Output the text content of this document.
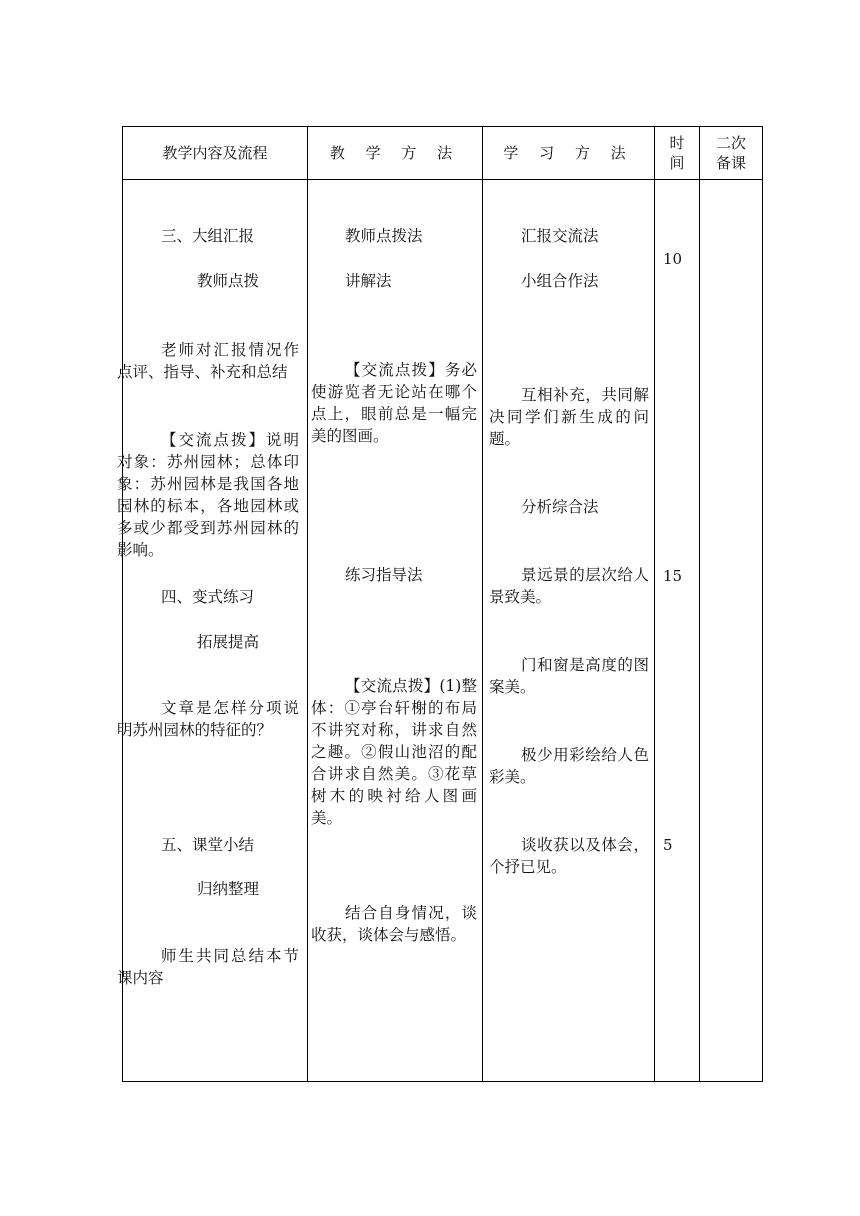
教学内容及流程	教 学 方 法	学 习 方 法
时
间
二次
备课
三、大组汇报
教师点拨
老师对汇报情况作点评、指导、补充和总结
【交流点拨】说明对象：苏州园林；总体印象：苏州园林是我国各地园林的标本，各地园林或多或少都受到苏州园林的影响。
四、变式练习
拓展提高
文章是怎样分项说明苏州园林的特征的？
五、课堂小结
归纳整理
师生共同总结本节课内容
教师点拨法
讲解法
【交流点拨】务必使游览者无论站在哪个点上，眼前总是一幅完美的图画。
练习指导法
【交流点拨】(1)整体：①亭台轩榭的布局不讲究对称，讲求自然之趣。②假山池沼的配合讲求自然美。③花草树木的映衬给人图画美。
结合自身情况，谈收获，谈体会与感悟。
汇报交流法
小组合作法
互相补充，共同解决同学们新生成的问题。
分析综合法
景远景的层次给人景致美。
门和窗是高度的图案美。
极少用彩绘给人色彩美。
谈收获以及体会，个抒已见。
10
15
5
